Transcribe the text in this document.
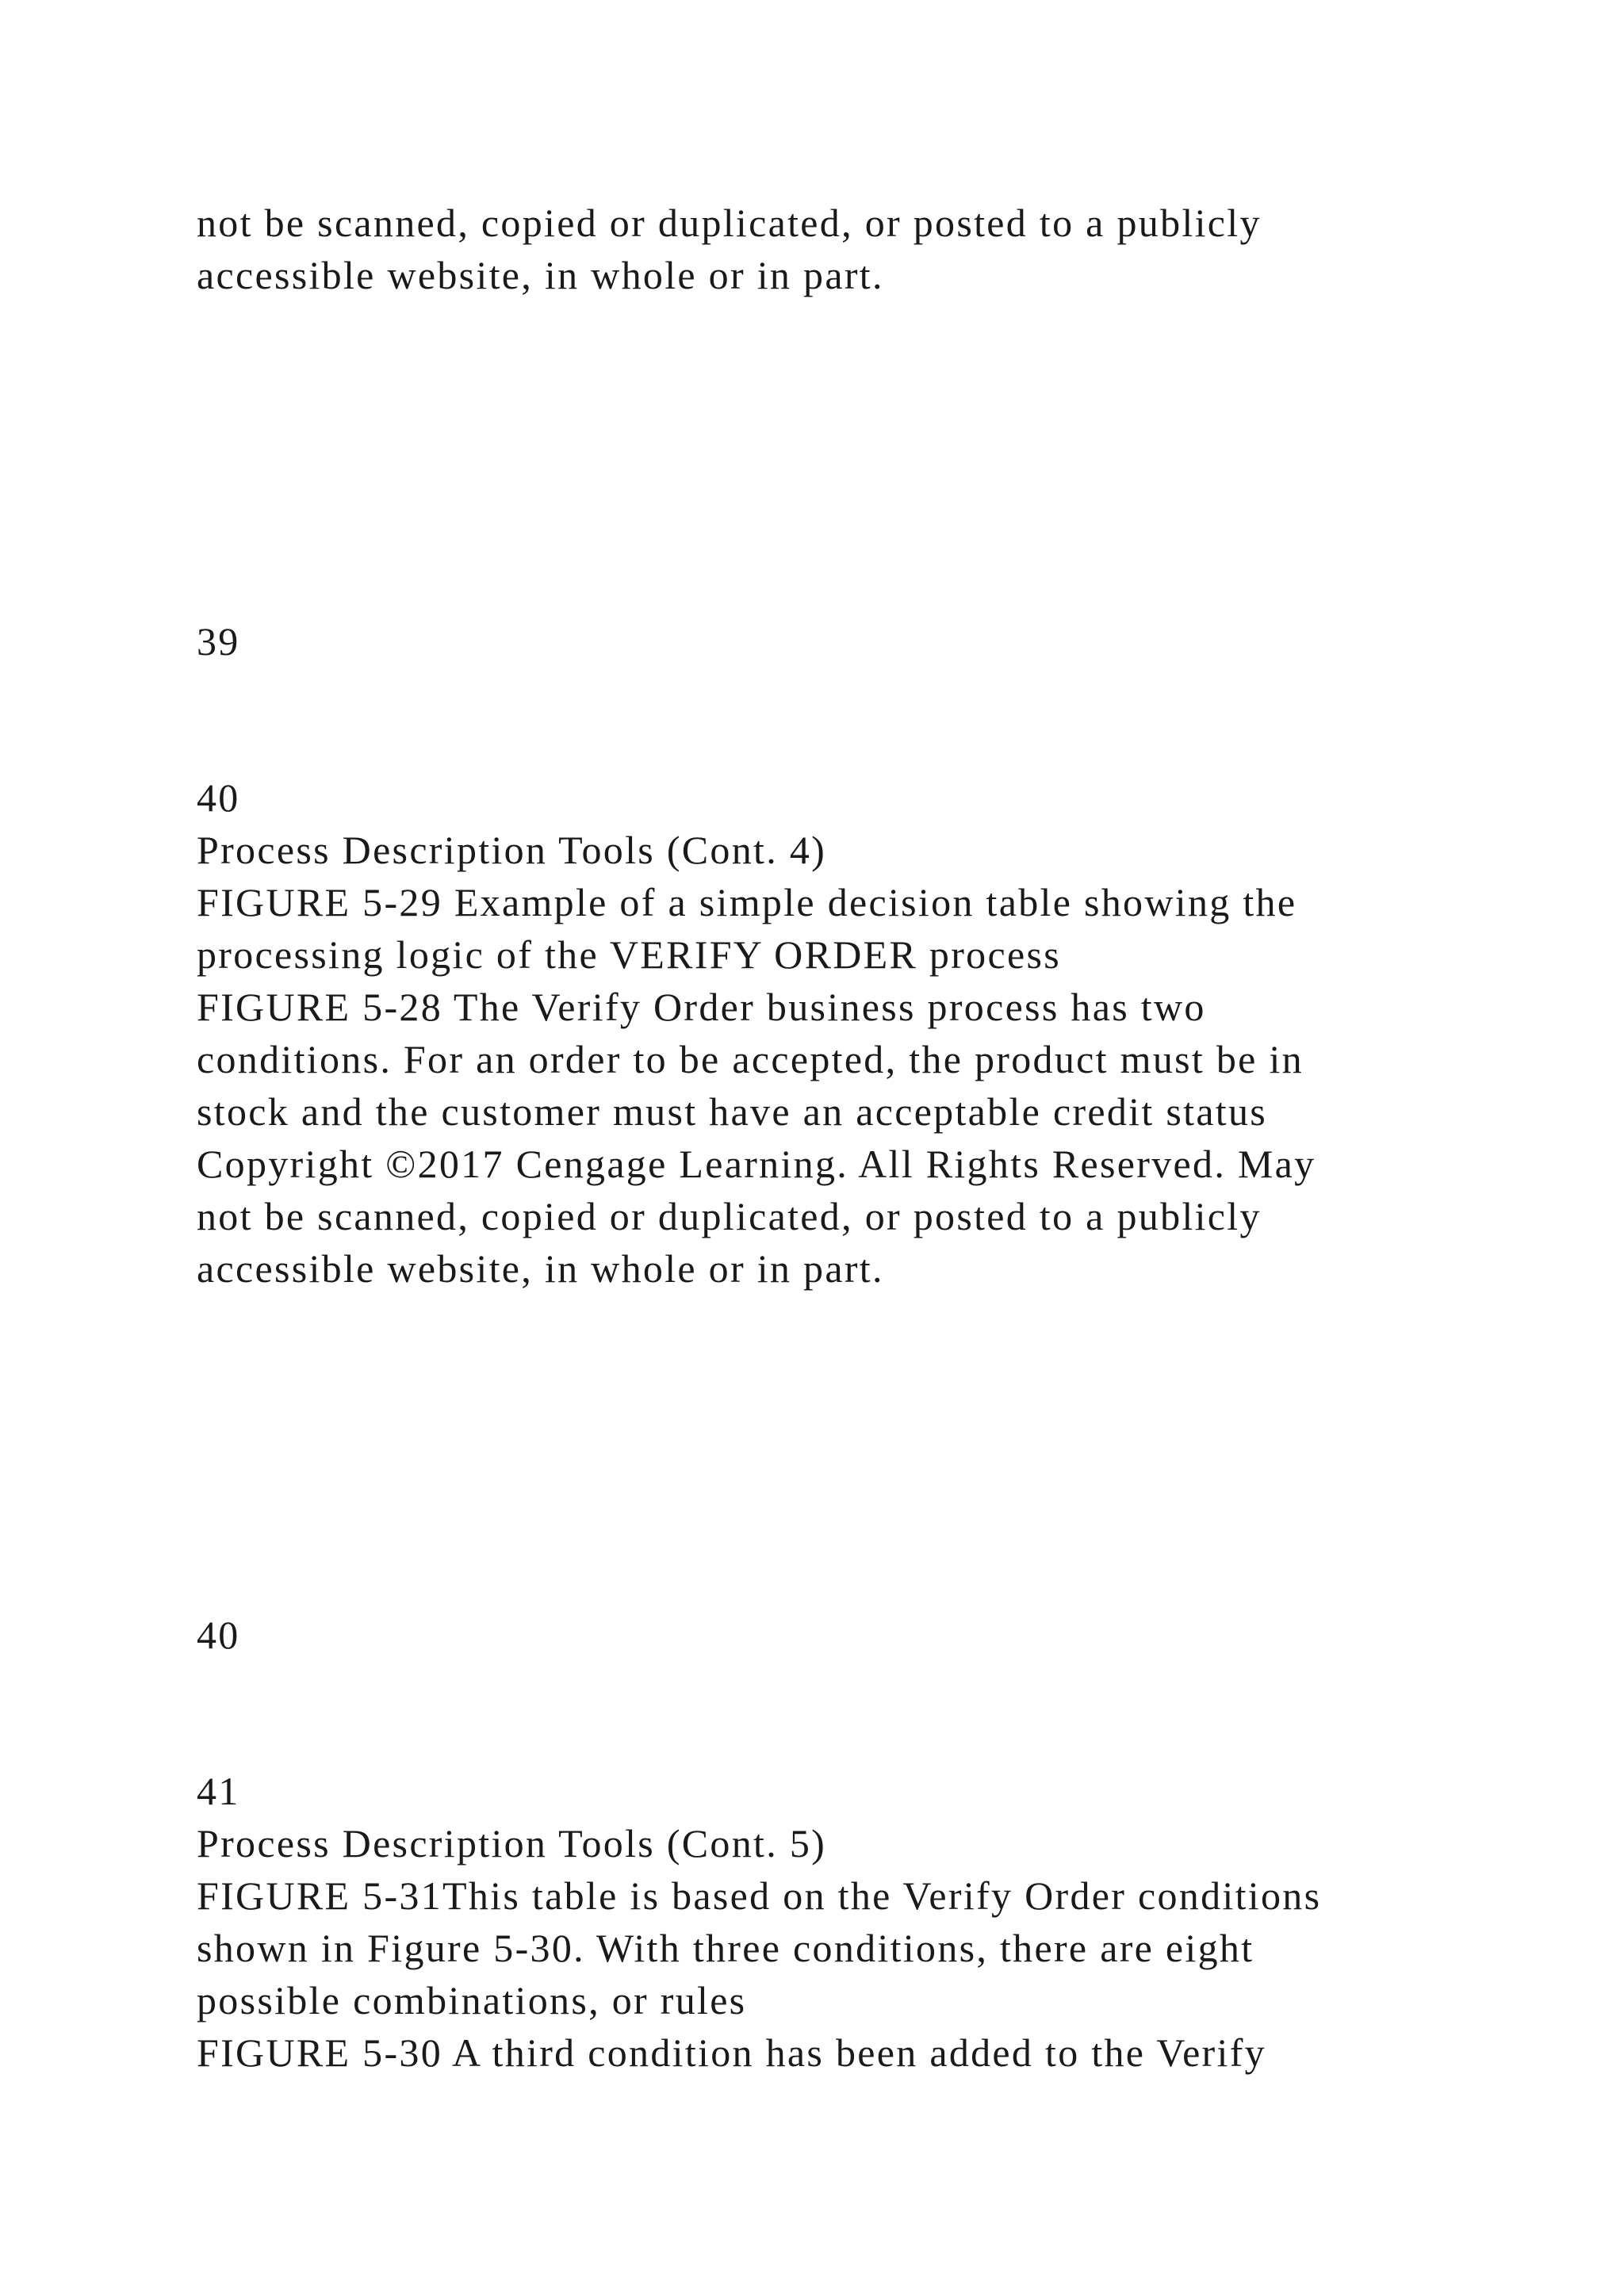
not be scanned, copied or duplicated, or posted to a publicly
accessible website, in whole or in part.
39
40
Process Description Tools (Cont. 4)
FIGURE 5-29 Example of a simple decision table showing the
processing logic of the VERIFY ORDER process
FIGURE 5-28 The Verify Order business process has two
conditions. For an order to be accepted, the product must be in
stock and the customer must have an acceptable credit status
Copyright ©2017 Cengage Learning. All Rights Reserved. May
not be scanned, copied or duplicated, or posted to a publicly
accessible website, in whole or in part.
40
41
Process Description Tools (Cont. 5)
FIGURE 5-31This table is based on the Verify Order conditions
shown in Figure 5-30. With three conditions, there are eight
possible combinations, or rules
FIGURE 5-30 A third condition has been added to the Verify
